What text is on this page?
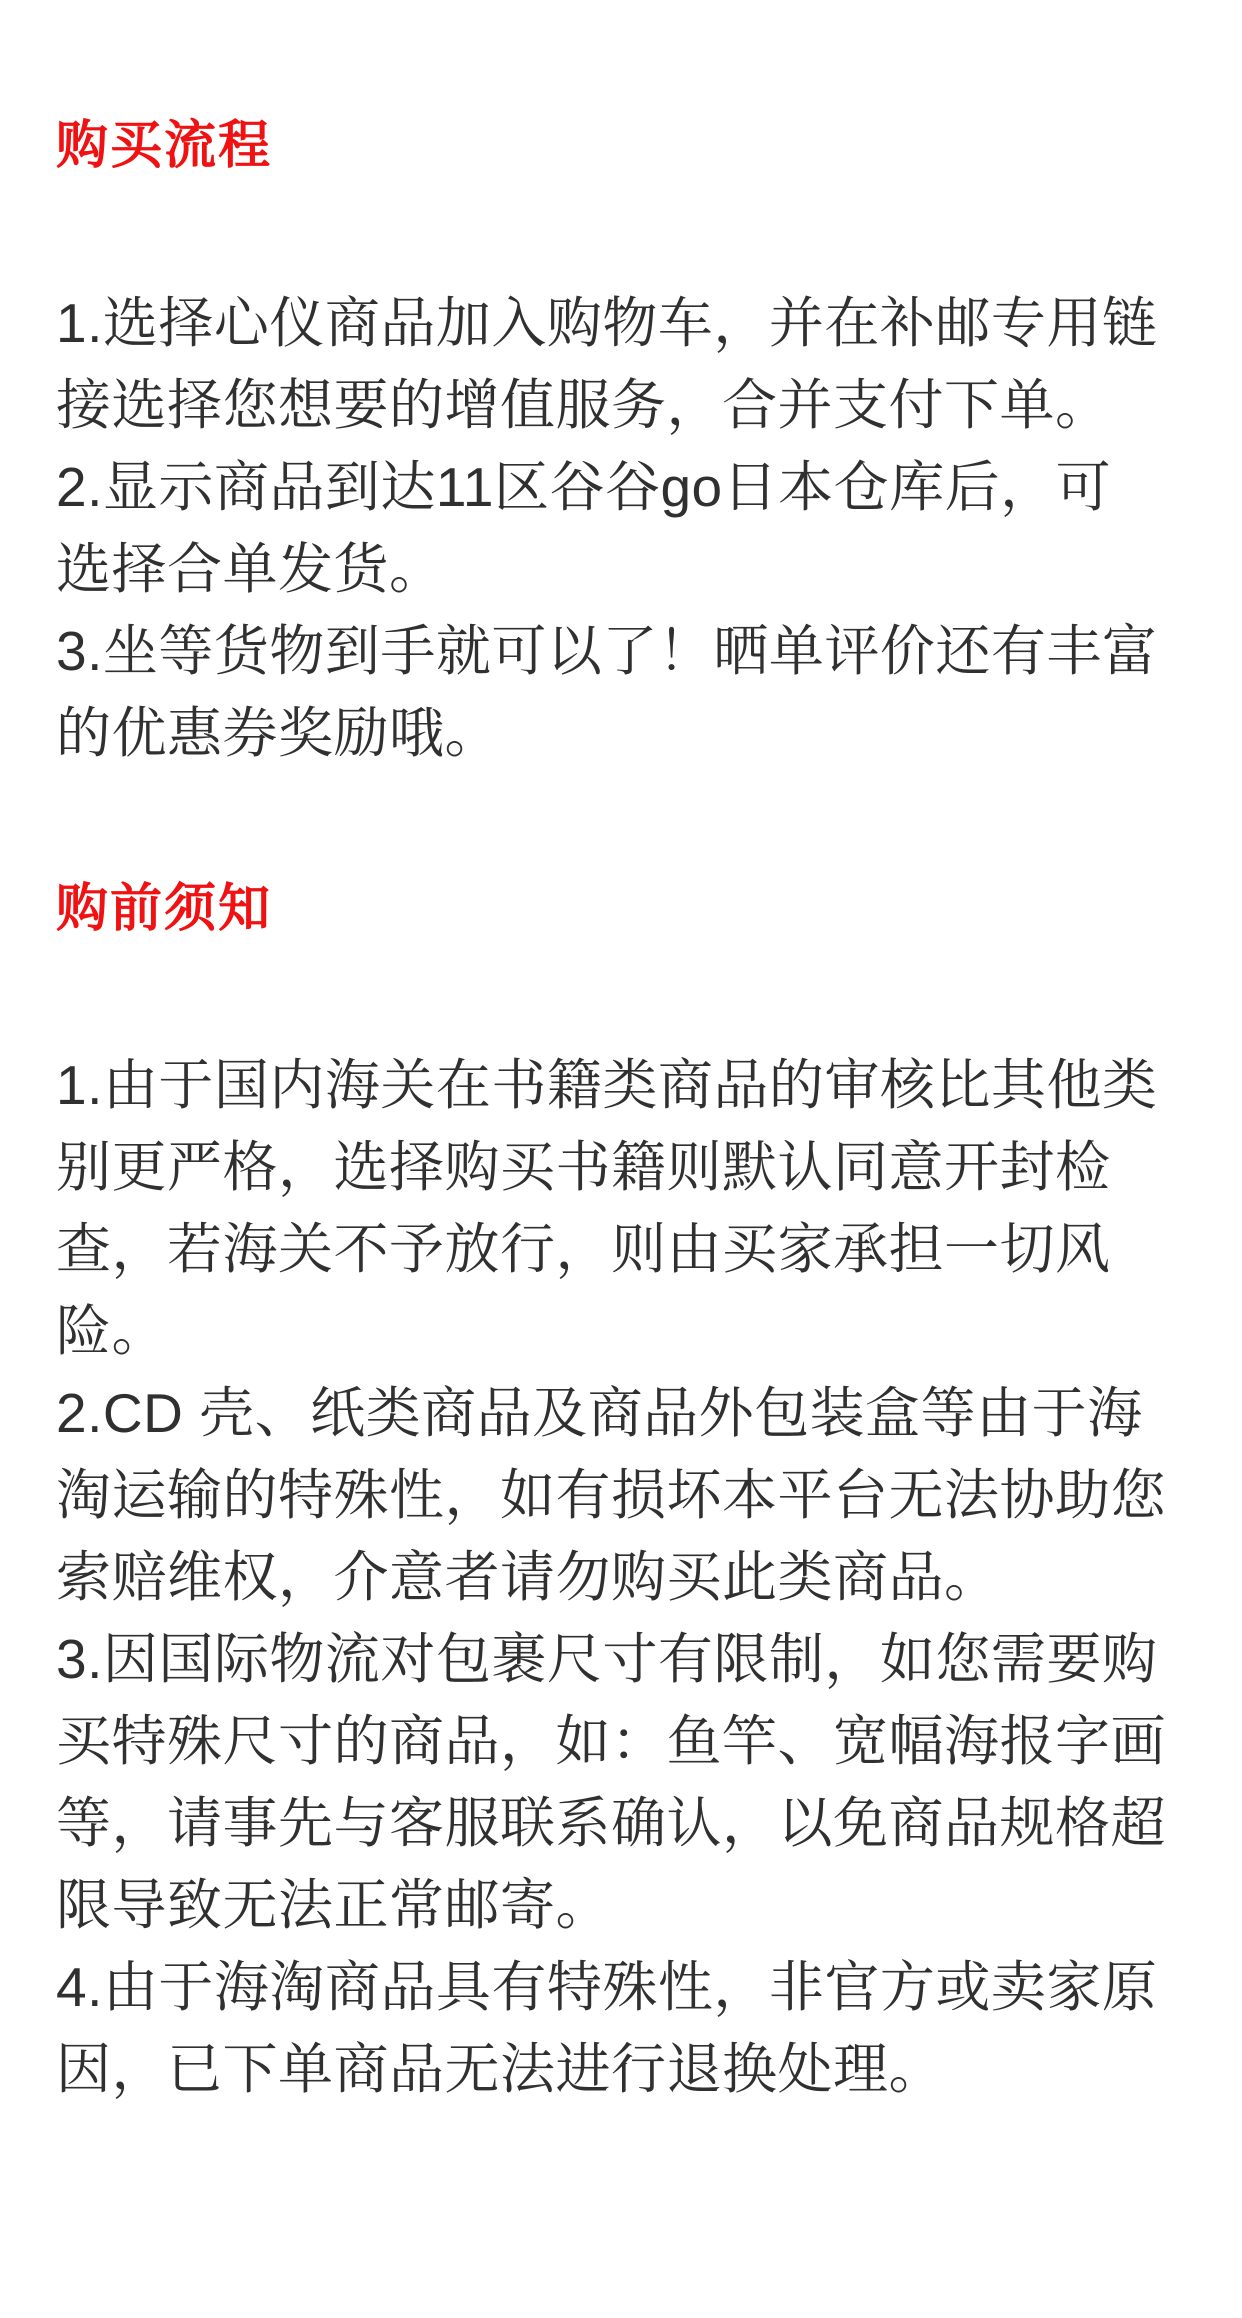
购买流程
1.选择心仪商品加入购物车，并在补邮专用链
接选择您想要的增值服务，合并支付下单。
2.显示商品到达11区谷谷go日本仓库后，可
选择合单发货。
3.坐等货物到手就可以了！晒单评价还有丰富
的优惠券奖励哦。
购前须知
1.由于国内海关在书籍类商品的审核比其他类
别更严格，选择购买书籍则默认同意开封检
查，若海关不予放行，则由买家承担一切风
险。
2.CD 壳、纸类商品及商品外包装盒等由于海
淘运输的特殊性，如有损坏本平台无法协助您
索赔维权，介意者请勿购买此类商品。
3.因国际物流对包裹尺寸有限制，如您需要购
买特殊尺寸的商品，如：鱼竿、宽幅海报字画
等，请事先与客服联系确认，以免商品规格超
限导致无法正常邮寄。
4.由于海淘商品具有特殊性，非官方或卖家原
因，已下单商品无法进行退换处理。
